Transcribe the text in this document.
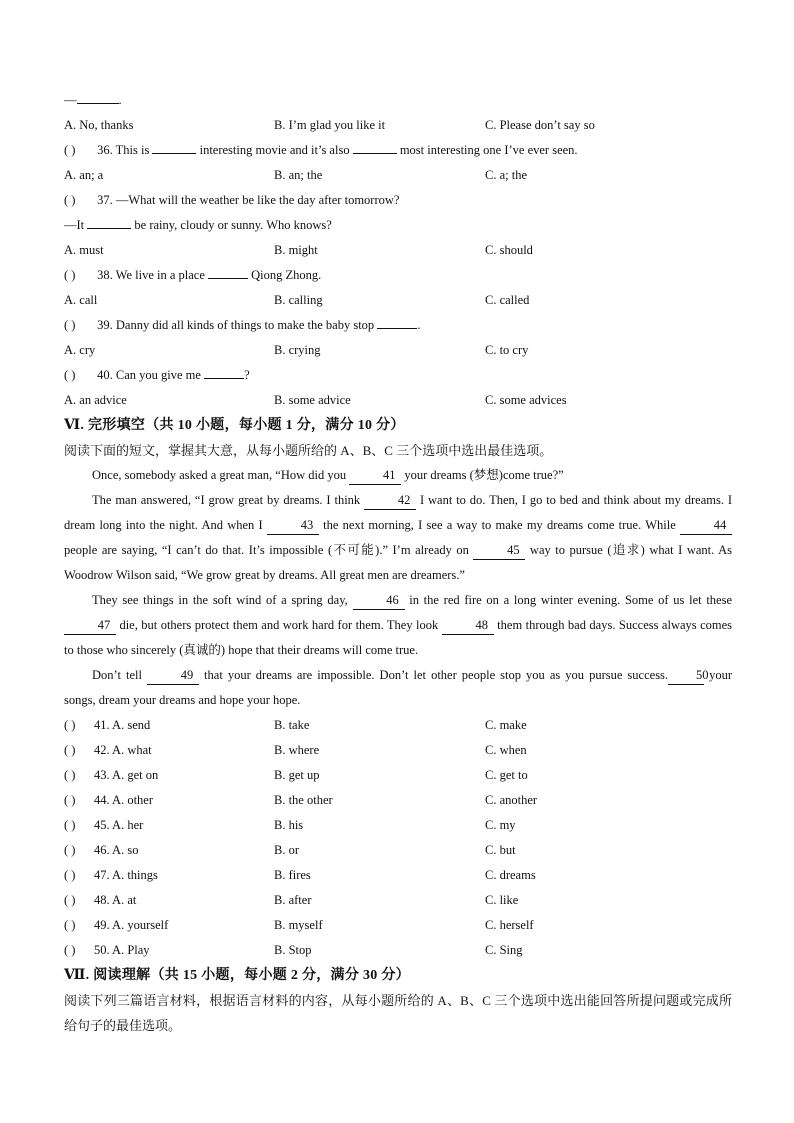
—	.
A. No, thanks	B. I’m glad you like it	C. Please don’t say so
( ) 36. This is	interesting movie and it’s also	most interesting one I’ve ever seen.
A. an; a	B. an; the	C. a; the
( ) 37. —What will the weather be like the day after tomorrow?
—It	be rainy, cloudy or sunny. Who knows?
A. must	B. might	C. should
( ) 38. We live in a place	Qiong Zhong.
A. call	B. calling	C. called
( ) 39. Danny did all kinds of things to make the baby stop	.
A. cry	B. crying	C. to cry
( ) 40. Can you give me	?
A. an advice	B. some advice	C. some advices
Ⅵ. 完形填空（共 10 小题，每小题 1 分，满分 10 分）
阅读下面的短文，掌握其大意，从每小题所给的 A、B、C 三个选项中选出最佳选项。
Once, somebody asked a great man, “How did you	41 your dreams (梦想)come true?”
The man answered, “I grow great by dreams. I think	42 I want to do. Then, I go to bed and think about my dreams. I dream long into the night. And when I	43 the next morning, I see a way to make my dreams come true. While	44 people are saying, “I can’t do that. It’s impossible (不可能).” I’m already on	45 way to pursue (追求) what I want. As Woodrow Wilson said, “We grow great by dreams. All great men are dreamers.”
They see things in the soft wind of a spring day,	46 in the red fire on a long winter evening. Some of us let these 47 die, but others protect them and work hard for them. They look	48 them through bad days. Success always comes to those who sincerely (真诚的) hope that their dreams will come true.
Don’t tell	49 that your dreams are impossible. Don’t let other people stop you as you pursue success. 50 your songs, dream your dreams and hope your hope.
( ) 41. A. send	B. take	C. make
( ) 42. A. what	B. where	C. when
( ) 43. A. get on	B. get up	C. get to
( ) 44. A. other	B. the other	C. another
( ) 45. A. her	B. his	C. my
( ) 46. A. so	B. or	C. but
( ) 47. A. things	B. fires	C. dreams
( ) 48. A. at	B. after	C. like
( ) 49. A. yourself	B. myself	C. herself
( ) 50. A. Play	B. Stop	C. Sing
Ⅶ. 阅读理解（共 15 小题，每小题 2 分，满分 30 分）
阅读下列三篇语言材料，根据语言材料的内容，从每小题所给的 A、B、C 三个选项中选出能回答所提问题或完成所给句子的最佳选项。
